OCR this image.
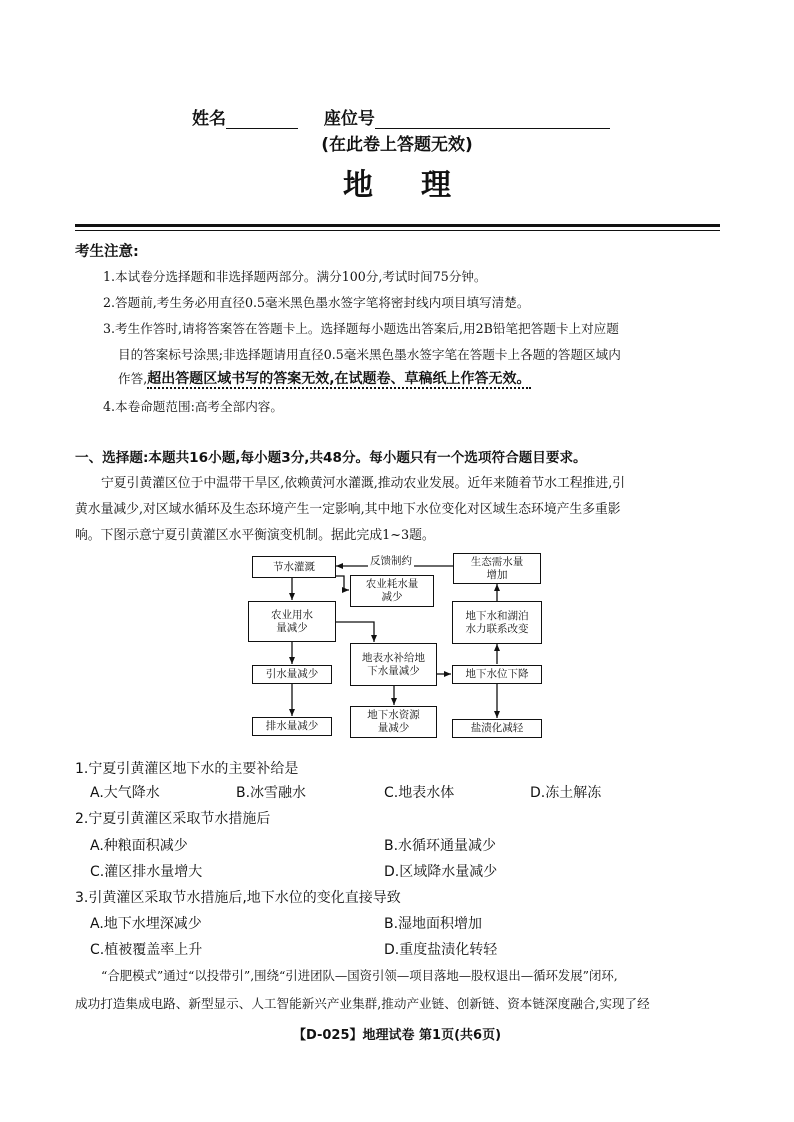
姓名	座位号
(在此卷上答题无效)
地理
考生注意:
1.本试卷分选择题和非选择题两部分。满分100分,考试时间75分钟。
2.答题前,考生务必用直径0.5毫米黑色墨水签字笔将密封线内项目填写清楚。
3.考生作答时,请将答案答在答题卡上。选择题每小题选出答案后,用2B铅笔把答题卡上对应题
目的答案标号涂黑;非选择题请用直径0.5毫米黑色墨水签字笔在答题卡上各题的答题区域内
作答,超出答题区域书写的答案无效,在试题卷、草稿纸上作答无效。
4.本卷命题范围:高考全部内容。
一、选择题:本题共16小题,每小题3分,共48分。每小题只有一个选项符合题目要求。
宁夏引黄灌区位于中温带干旱区,依赖黄河水灌溉,推动农业发展。近年来随着节水工程推进,引
黄水量减少,对区域水循环及生态环境产生一定影响,其中地下水位变化对区域生态环境产生多重影
响。下图示意宁夏引黄灌区水平衡演变机制。据此完成1~3题。
反馈制约
节水灌溉
农业耗水量减少
生态需水量增加
农业用水量减少
地下水和湖泊水力联系改变
引水量减少
地表水补给地下水量减少	地下水位下降
排水量减少
地下水资源量减少	盐渍化减轻
1.宁夏引黄灌区地下水的主要补给是
A.大气降水	B.冰雪融水	C.地表水体	D.冻土解冻
2.宁夏引黄灌区采取节水措施后
A.种粮面积减少	B.水循环通量减少
C.灌区排水量增大	D.区域降水量减少
3.引黄灌区采取节水措施后,地下水位的变化直接导致
A.地下水埋深减少	B.湿地面积增加
C.植被覆盖率上升	D.重度盐渍化转轻
“合肥模式”通过“以投带引”,围绕“引进团队—国资引领—项目落地—股权退出—循环发展”闭环,
成功打造集成电路、新型显示、人工智能新兴产业集群,推动产业链、创新链、资本链深度融合,实现了经
【D-025】地理试卷 第1页(共6页)
